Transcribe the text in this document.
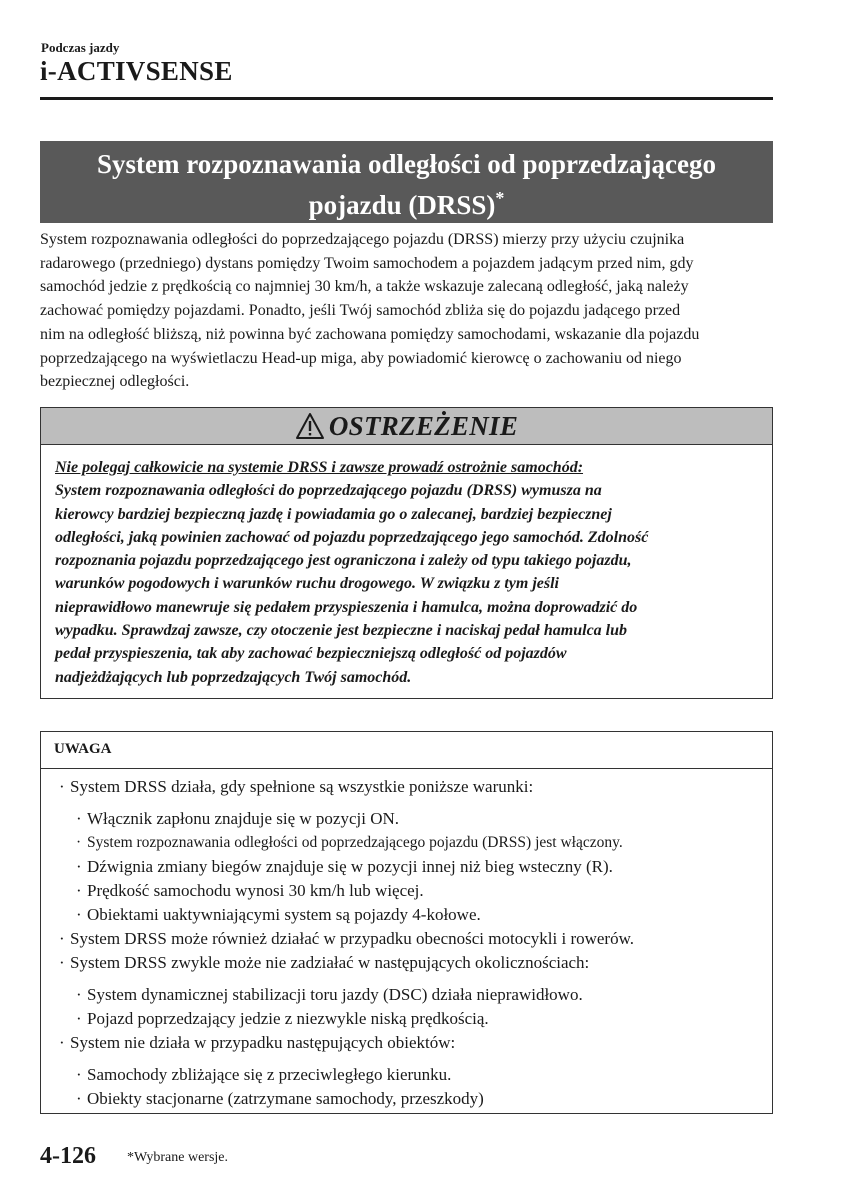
Podczas jazdy
i-ACTIVSENSE
System rozpoznawania odległości od poprzedzającego
pojazdu (DRSS)*
System rozpoznawania odległości do poprzedzającego pojazdu (DRSS) mierzy przy użyciu czujnika
radarowego (przedniego) dystans pomiędzy Twoim samochodem a pojazdem jadącym przed nim, gdy
samochód jedzie z prędkością co najmniej 30 km/h, a także wskazuje zalecaną odległość, jaką należy
zachować pomiędzy pojazdami. Ponadto, jeśli Twój samochód zbliża się do pojazdu jadącego przed
nim na odległość bliższą, niż powinna być zachowana pomiędzy samochodami, wskazanie dla pojazdu
poprzedzającego na wyświetlaczu Head-up miga, aby powiadomić kierowcę o zachowaniu od niego
bezpiecznej odległości.
OSTRZEŻENIE
Nie polegaj całkowicie na systemie DRSS i zawsze prowadź ostrożnie samochód:
System rozpoznawania odległości do poprzedzającego pojazdu (DRSS) wymusza na
kierowcy bardziej bezpieczną jazdę i powiadamia go o zalecanej, bardziej bezpiecznej
odległości, jaką powinien zachować od pojazdu poprzedzającego jego samochód. Zdolność
rozpoznania pojazdu poprzedzającego jest ograniczona i zależy od typu takiego pojazdu,
warunków pogodowych i warunków ruchu drogowego. W związku z tym jeśli
nieprawidłowo manewruje się pedałem przyspieszenia i hamulca, można doprowadzić do
wypadku. Sprawdzaj zawsze, czy otoczenie jest bezpieczne i naciskaj pedał hamulca lub
pedał przyspieszenia, tak aby zachować bezpieczniejszą odległość od pojazdów
nadjeżdżających lub poprzedzających Twój samochód.
UWAGA
· System DRSS działa, gdy spełnione są wszystkie poniższe warunki:
· Włącznik zapłonu znajduje się w pozycji ON.
· System rozpoznawania odległości od poprzedzającego pojazdu (DRSS) jest włączony.
· Dźwignia zmiany biegów znajduje się w pozycji innej niż bieg wsteczny (R).
· Prędkość samochodu wynosi 30 km/h lub więcej.
· Obiektami uaktywniającymi system są pojazdy 4-kołowe.
· System DRSS może również działać w przypadku obecności motocykli i rowerów.
· System DRSS zwykle może nie zadziałać w następujących okolicznościach:
· System dynamicznej stabilizacji toru jazdy (DSC) działa nieprawidłowo.
· Pojazd poprzedzający jedzie z niezwykle niską prędkością.
· System nie działa w przypadku następujących obiektów:
· Samochody zbliżające się z przeciwległego kierunku.
· Obiekty stacjonarne (zatrzymane samochody, przeszkody)
4-126 *Wybrane wersje.
